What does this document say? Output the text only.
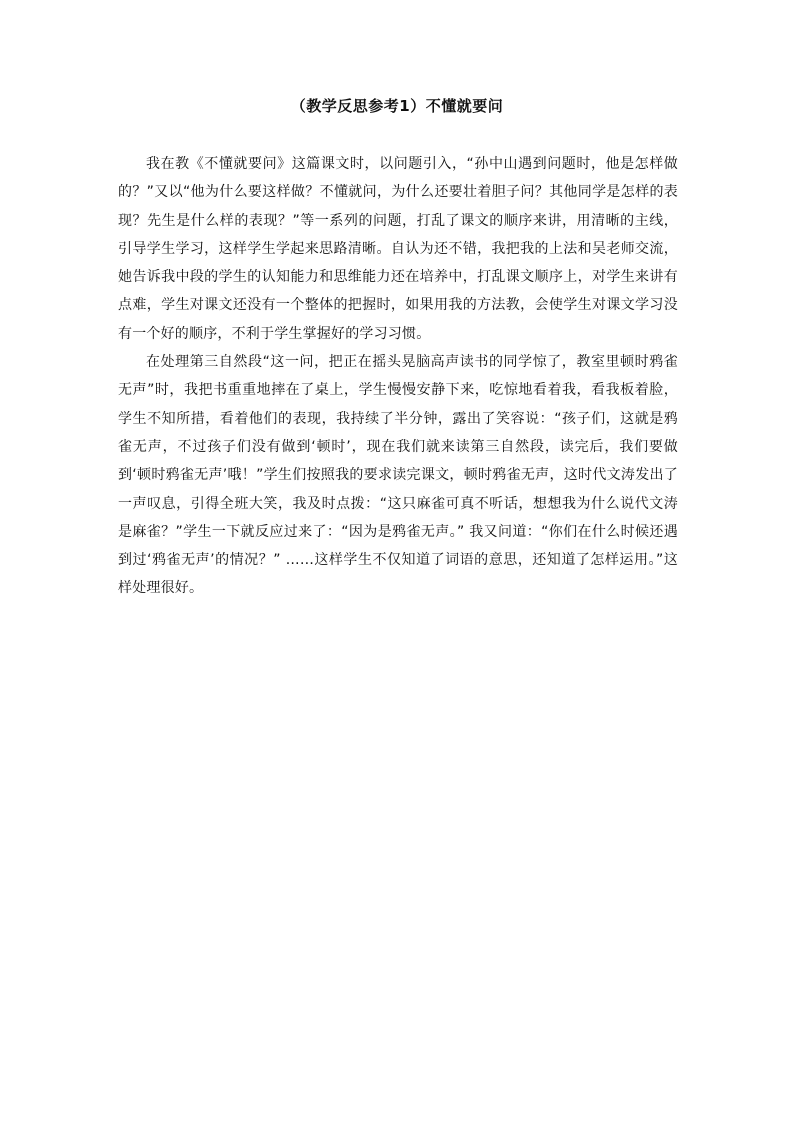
（教学反思参考1）不懂就要问

我在教《不懂就要问》这篇课文时，以问题引入，“孙中山遇到问题时，他是怎样做的？”又以“他为什么要这样做？不懂就问，为什么还要壮着胆子问？其他同学是怎样的表现？先生是什么样的表现？”等一系列的问题，打乱了课文的顺序来讲，用清晰的主线，引导学生学习，这样学生学起来思路清晰。自认为还不错，我把我的上法和吴老师交流，她告诉我中段的学生的认知能力和思维能力还在培养中，打乱课文顺序上，对学生来讲有点难，学生对课文还没有一个整体的把握时，如果用我的方法教，会使学生对课文学习没有一个好的顺序，不利于学生掌握好的学习习惯。

在处理第三自然段“这一问，把正在摇头晃脑高声读书的同学惊了，教室里顿时鸦雀无声”时，我把书重重地摔在了桌上，学生慢慢安静下来，吃惊地看着我，看我板着脸，学生不知所措，看着他们的表现，我持续了半分钟，露出了笑容说：“孩子们，这就是鸦雀无声，不过孩子们没有做到‘顿时’，现在我们就来读第三自然段，读完后，我们要做到‘顿时鸦雀无声’哦！”学生们按照我的要求读完课文，顿时鸦雀无声，这时代文涛发出了一声叹息，引得全班大笑，我及时点拨：“这只麻雀可真不听话，想想我为什么说代文涛是麻雀？”学生一下就反应过来了：“因为是鸦雀无声。” 我又问道：“你们在什么时候还遇到过‘鸦雀无声’的情况？” ……这样学生不仅知道了词语的意思，还知道了怎样运用。”这样处理很好。
